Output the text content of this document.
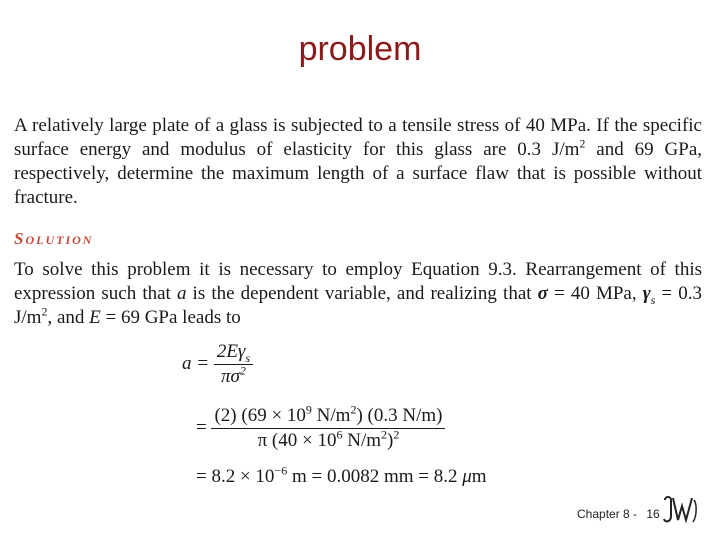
problem

A relatively large plate of a glass is subjected to a tensile stress of 40 MPa. If the specific surface energy and modulus of elasticity for this glass are 0.3 $J/m^2$ and 69 GPa, respectively, determine the maximum length of a surface flaw that is possible without fracture.

Solution

To solve this problem it is necessary to employ Equation 9.3. Rearrangement of this expression such that a is the dependent variable, and realizing that σ = 40 MPa, $\gamma_s = 0.3$ $J/m^2$, and E = 69 GPa leads to

$a = \frac{2E\gamma_s}{\pi\sigma^2}$
= $\frac{(2) (69 \times 10^9 N/m^2) (0.3 N/m)}{\pi (40 \times 10^6 N/m^2)^2}$
= $8.2 \times 10^{-6}$ m = 0.0082 mm = 8.2 μm
Chapter 8 - 16
